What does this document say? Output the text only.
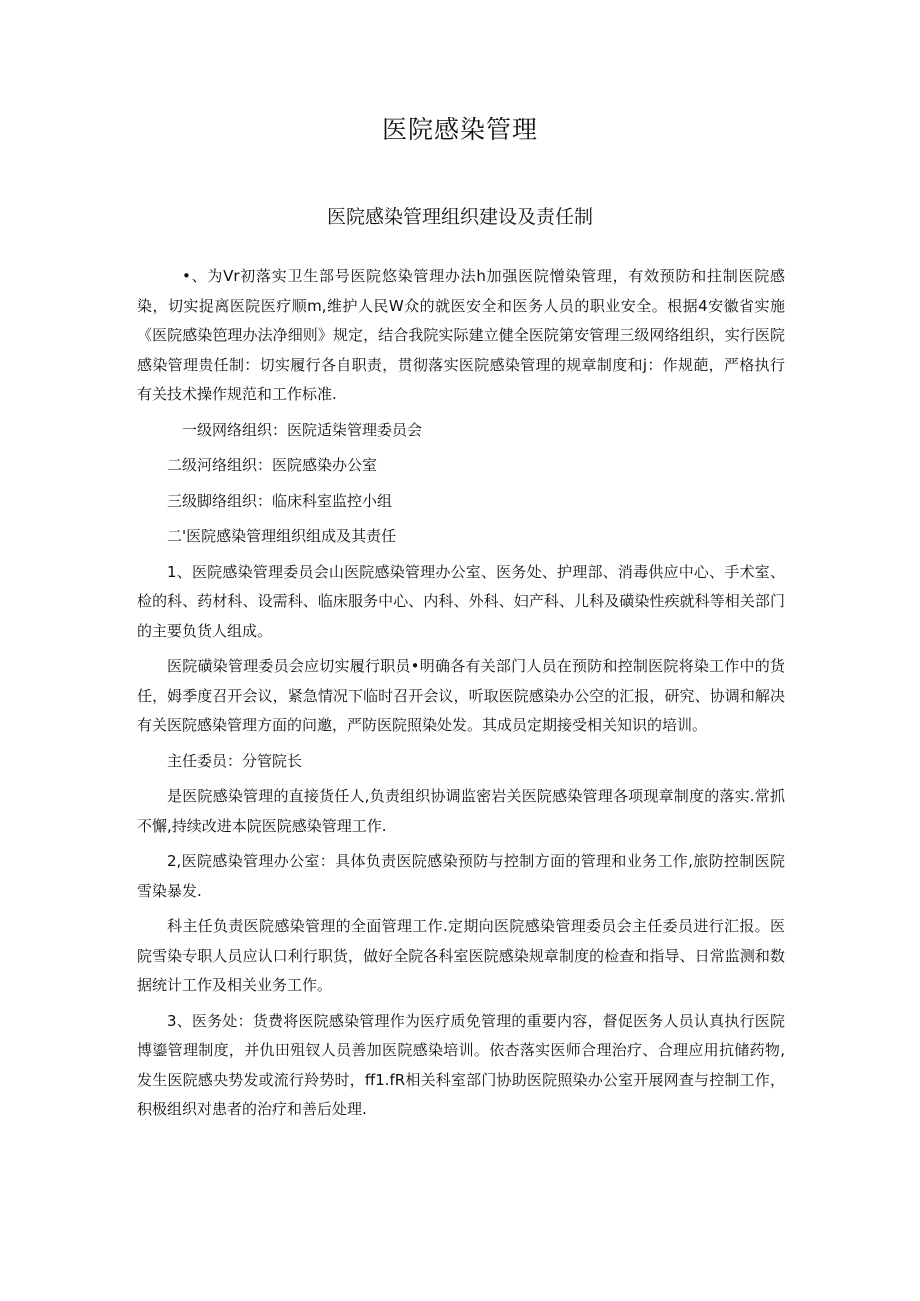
医院感染管理
医院感染管理组织建设及责任制

•、为Vr初落实卫生部号医院悠染管理办法h加强医院憎染管理，有效预防和拄制医院感染，切实捉离医院医疗顺m,维护人民W众的就医安全和医务人员的职业安全。根据4安徽省实施《医院感染笆理办法净细则》规定，结合我院实际建立健全医院第安管理三级网络组织，实行医院感染管理贵任制：切实履行各自职责，贯彻落实医院感染管理的规章制度和j：作规葩，严格执行有关技术操作规范和工作标准.

一级网络组织：医院适柒管理委员会

二级河络组织：医院感染办公室

三级脚络组织：临床科室监控小组

二'医院感染管理组织组成及其责任

1、医院感染管理委员会山医院感染管理办公室、医务处、护理部、消毒供应中心、手术室、检的科、药材科、设需科、临床服务中心、内科、外科、妇产科、儿科及磺染性疾就科等相关部门的主要负货人组成。

医院磺染管理委员会应切实履行职员•明确各有关部门人员在预防和控制医院将染工作中的货任，姆季度召开会议，紧急情况下临时召开会议，听取医院感染办公空的汇报，研究、协调和解决有关医院感染管理方面的问邀，严防医院照染处发。其成员定期接受相关知识的培训。

主任委员：分管院长

是医院感染管理的直接货任人,负责组织协调监密岩关医院感染管理各项现章制度的落实.常抓不懈,持续改进本院医院感染管理工作.

2,医院感染管理办公室：具体负责医院感染预防与控制方面的管理和业务工作,旅防控制医院雪染暴发.

科主任负责医院感染管理的全面管理工作.定期向医院感染管理委员会主任委员进行汇报。医院雪染专职人员应认口利行职货，做好全院各科室医院感染规章制度的检查和指导、日常监测和数据统计工作及相关业务工作。

3、医务处：货费将医院感染管理作为医疗质免管理的重要内容，督促医务人员认真执行医院博鎏管理制度，并仇田殂钗人员善加医院感染培训。依杏落实医师合理治疗、合理应用抗储药物,发生医院感央势发或流行羚势时，ff1.fR相关科室部门协助医院照染办公室开展网查与控制工作，积极组织对患者的治疗和善后处理.
